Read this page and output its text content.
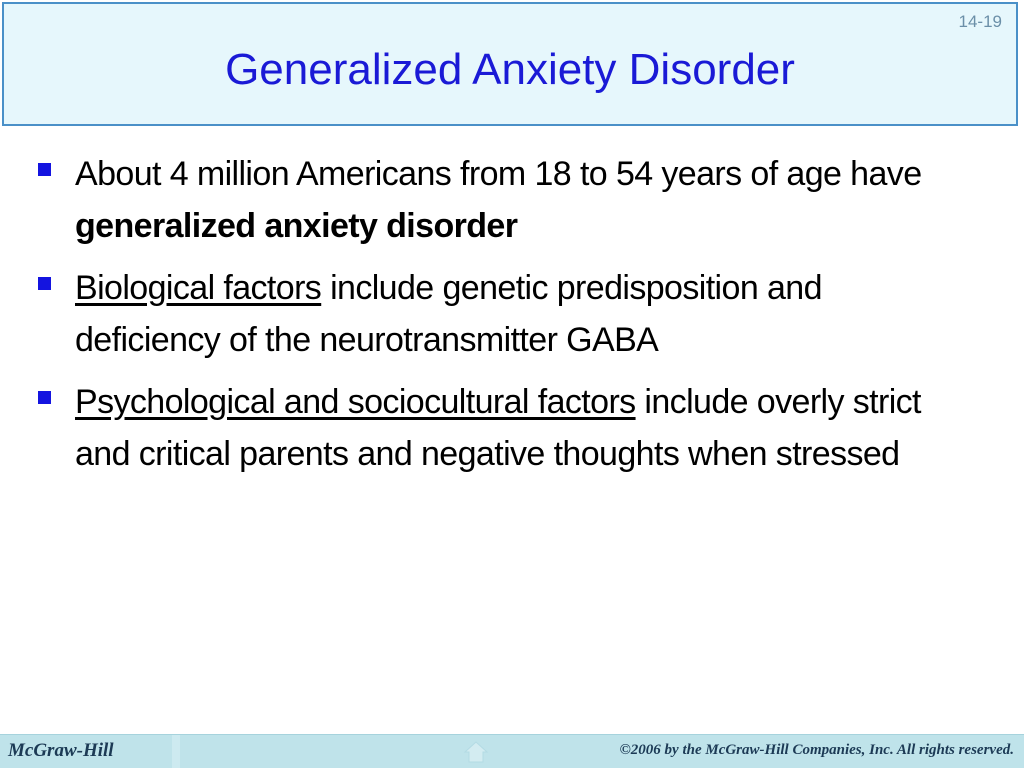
14-19
Generalized Anxiety Disorder
About 4 million Americans from 18 to 54 years of age have generalized anxiety disorder
Biological factors include genetic predisposition and deficiency of the neurotransmitter GABA
Psychological and sociocultural factors include overly strict and critical parents and negative thoughts when stressed
McGraw-Hill	©2006 by the McGraw-Hill Companies, Inc. All rights reserved.
